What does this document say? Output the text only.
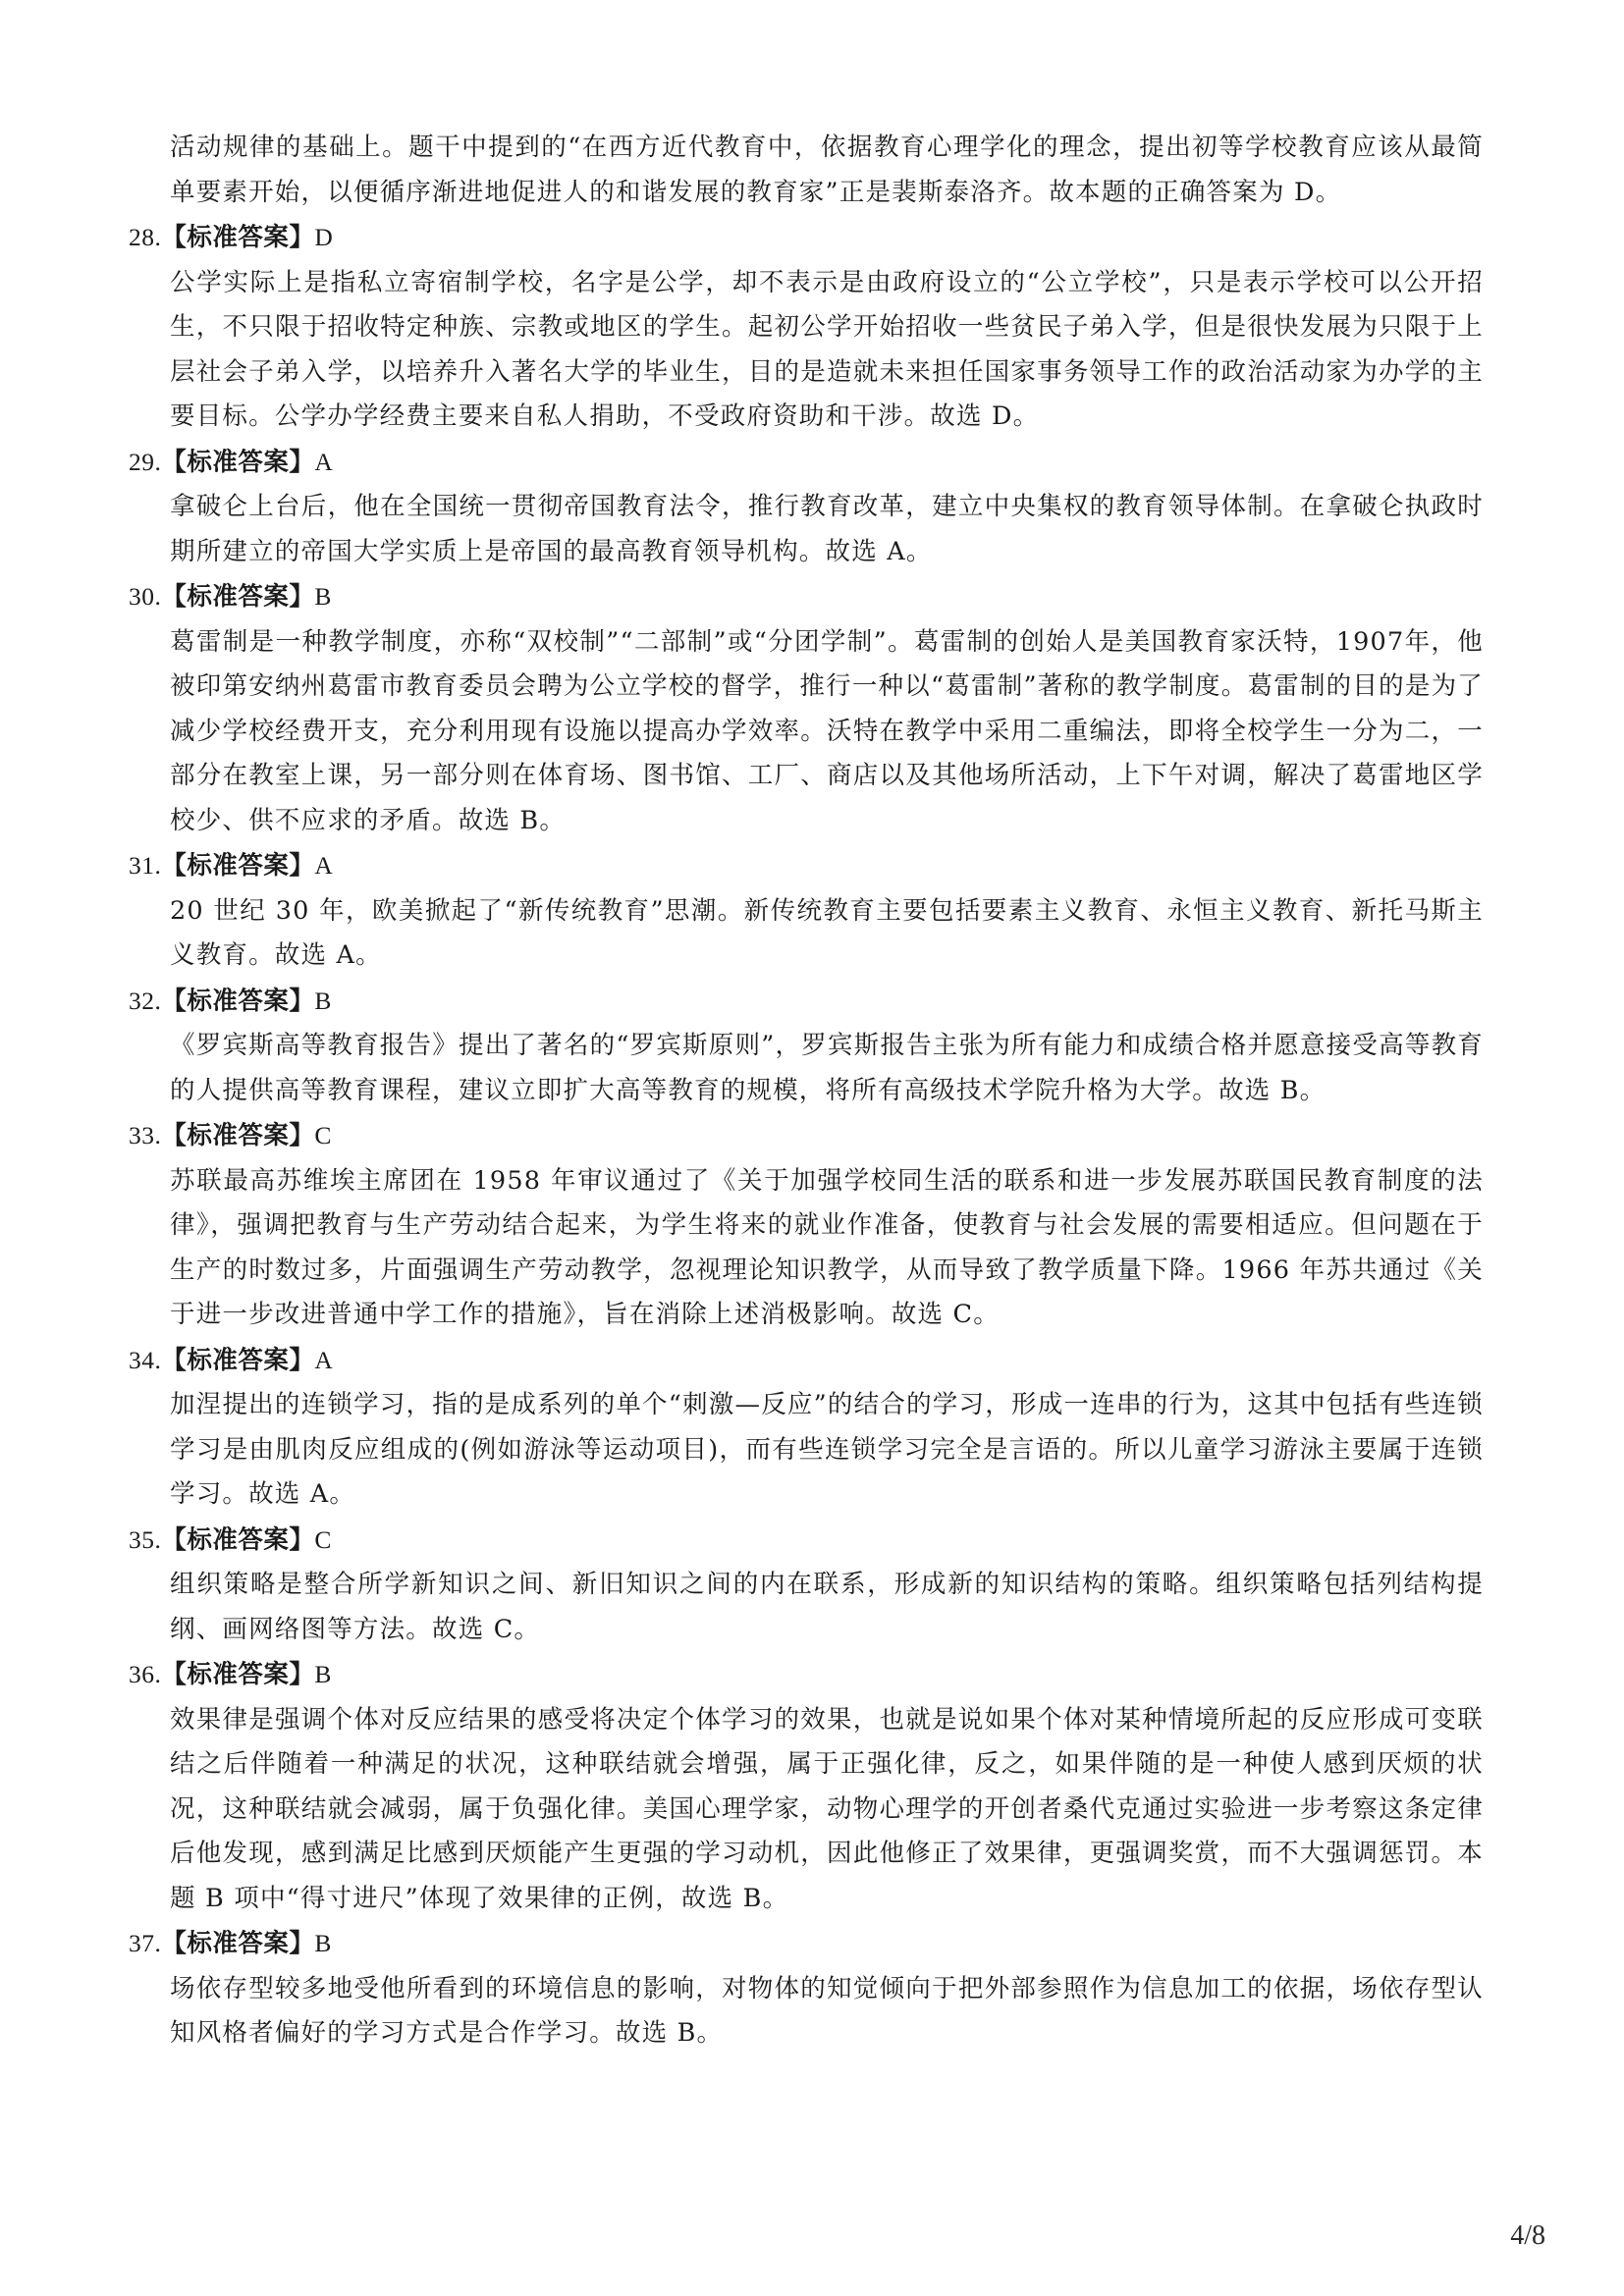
活动规律的基础上。题干中提到的“在西方近代教育中，依据教育心理学化的理念，提出初等学校教育应该从最简单要素开始，以便循序渐进地促进人的和谐发展的教育家”正是裴斯泰洛齐。故本题的正确答案为 D。

28.【标准答案】D

公学实际上是指私立寄宿制学校，名字是公学，却不表示是由政府设立的“公立学校”，只是表示学校可以公开招生，不只限于招收特定种族、宗教或地区的学生。起初公学开始招收一些贫民子弟入学，但是很快发展为只限于上层社会子弟入学，以培养升入著名大学的毕业生，目的是造就未来担任国家事务领导工作的政治活动家为办学的主要目标。公学办学经费主要来自私人捐助，不受政府资助和干涉。故选 D。

29.【标准答案】A

拿破仑上台后，他在全国统一贯彻帝国教育法令，推行教育改革，建立中央集权的教育领导体制。在拿破仑执政时期所建立的帝国大学实质上是帝国的最高教育领导机构。故选 A。

30.【标准答案】B

葛雷制是一种教学制度，亦称“双校制”“二部制”或“分团学制”。葛雷制的创始人是美国教育家沃特，1907年，他被印第安纳州葛雷市教育委员会聘为公立学校的督学，推行一种以“葛雷制”著称的教学制度。葛雷制的目的是为了减少学校经费开支，充分利用现有设施以提高办学效率。沃特在教学中采用二重编法，即将全校学生一分为二，一部分在教室上课，另一部分则在体育场、图书馆、工厂、商店以及其他场所活动，上下午对调，解决了葛雷地区学校少、供不应求的矛盾。故选 B。

31.【标准答案】A

20 世纪 30 年，欧美掀起了“新传统教育”思潮。新传统教育主要包括要素主义教育、永恒主义教育、新托马斯主义教育。故选 A。

32.【标准答案】B

《罗宾斯高等教育报告》提出了著名的“罗宾斯原则”，罗宾斯报告主张为所有能力和成绩合格并愿意接受高等教育的人提供高等教育课程，建议立即扩大高等教育的规模，将所有高级技术学院升格为大学。故选 B。

33.【标准答案】C

苏联最高苏维埃主席团在 1958 年审议通过了《关于加强学校同生活的联系和进一步发展苏联国民教育制度的法律》，强调把教育与生产劳动结合起来，为学生将来的就业作准备，使教育与社会发展的需要相适应。但问题在于生产的时数过多，片面强调生产劳动教学，忽视理论知识教学，从而导致了教学质量下降。1966 年苏共通过《关于进一步改进普通中学工作的措施》，旨在消除上述消极影响。故选 C。

34.【标准答案】A

加涅提出的连锁学习，指的是成系列的单个“刺激—反应”的结合的学习，形成一连串的行为，这其中包括有些连锁学习是由肌肉反应组成的(例如游泳等运动项目)，而有些连锁学习完全是言语的。所以儿童学习游泳主要属于连锁学习。故选 A。

35.【标准答案】C

组织策略是整合所学新知识之间、新旧知识之间的内在联系，形成新的知识结构的策略。组织策略包括列结构提纲、画网络图等方法。故选 C。

36.【标准答案】B

效果律是强调个体对反应结果的感受将决定个体学习的效果，也就是说如果个体对某种情境所起的反应形成可变联结之后伴随着一种满足的状况，这种联结就会增强，属于正强化律，反之，如果伴随的是一种使人感到厌烦的状况，这种联结就会减弱，属于负强化律。美国心理学家，动物心理学的开创者桑代克通过实验进一步考察这条定律后他发现，感到满足比感到厌烦能产生更强的学习动机，因此他修正了效果律，更强调奖赏，而不大强调惩罚。本题 B 项中“得寸进尺”体现了效果律的正例，故选 B。

37.【标准答案】B

场依存型较多地受他所看到的环境信息的影响，对物体的知觉倾向于把外部参照作为信息加工的依据，场依存型认知风格者偏好的学习方式是合作学习。故选 B。

4/8
